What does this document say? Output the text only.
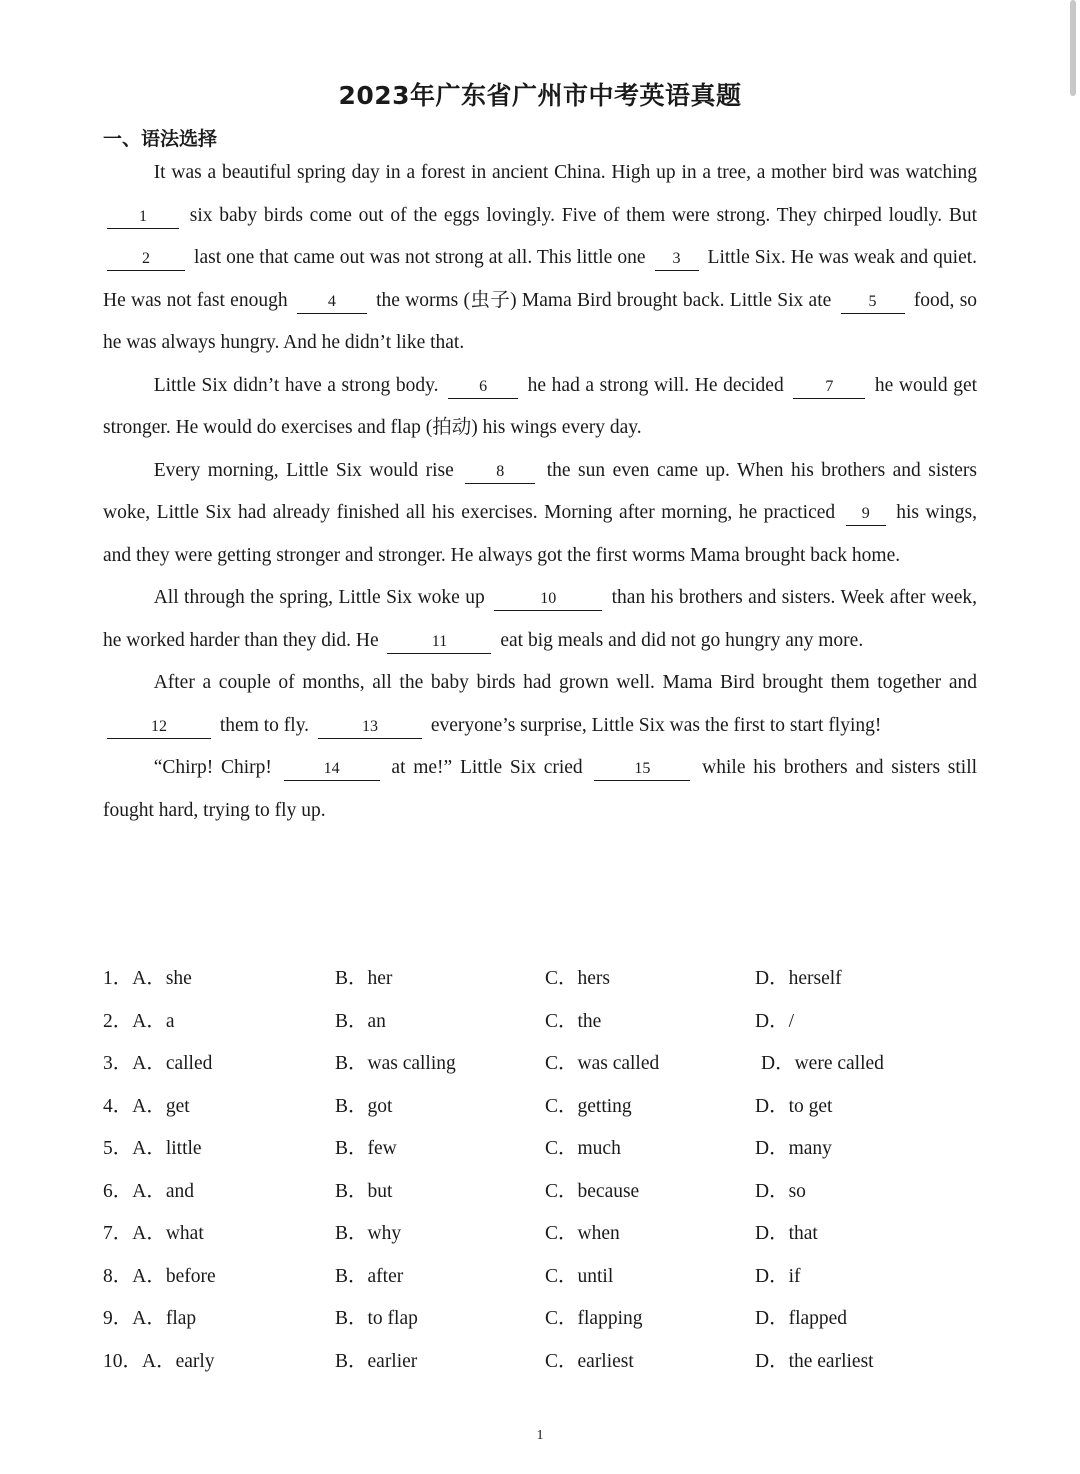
2023年广东省广州市中考英语真题
一、语法选择

It was a beautiful spring day in a forest in ancient China. High up in a tree, a mother bird was watching 1 six baby birds come out of the eggs lovingly. Five of them were strong. They chirped loudly. But 2 last one that came out was not strong at all. This little one 3 Little Six. He was weak and quiet. He was not fast enough	4 the worms (虫子) Mama Bird brought back. Little Six ate 5 food, so he was always hungry. And he didn’t like that.

Little Six didn’t have a strong body.	6 he had a strong will. He decided	7 he would get stronger. He would do exercises and flap (拍动) his wings every day.

Every morning, Little Six would rise	8 the sun even came up. When his brothers and sisters woke, Little Six had already finished all his exercises. Morning after morning, he practiced 9 his wings, and they were getting stronger and stronger. He always got the first worms Mama brought back home.

All through the spring, Little Six woke up	10	than his brothers and sisters. Week after week, he worked harder than they did. He	11	eat big meals and did not go hungry any more.

After a couple of months, all the baby birds had grown well. Mama Bird brought them together and 12	them to fly.	13	everyone’s surprise, Little Six was the first to start flying!

“Chirp! Chirp!	14	at me!” Little Six cried	15	while his brothers and sisters still fought hard, trying to fly up.

1．A．she	B．her	C．hers	D．herself
2．A．a	B．an	C．the	D．/
3．A．called	B．was calling	C．was called	D．were called
4．A．get	B．got	C．getting	D．to get
5．A．little	B．few	C．much	D．many
6．A．and	B．but	C．because	D．so
7．A．what	B．why	C．when	D．that
8．A．before	B．after	C．until	D．if
9．A．flap	B．to flap	C．flapping	D．flapped
10．A．early	B．earlier	C．earliest	D．the earliest
1
